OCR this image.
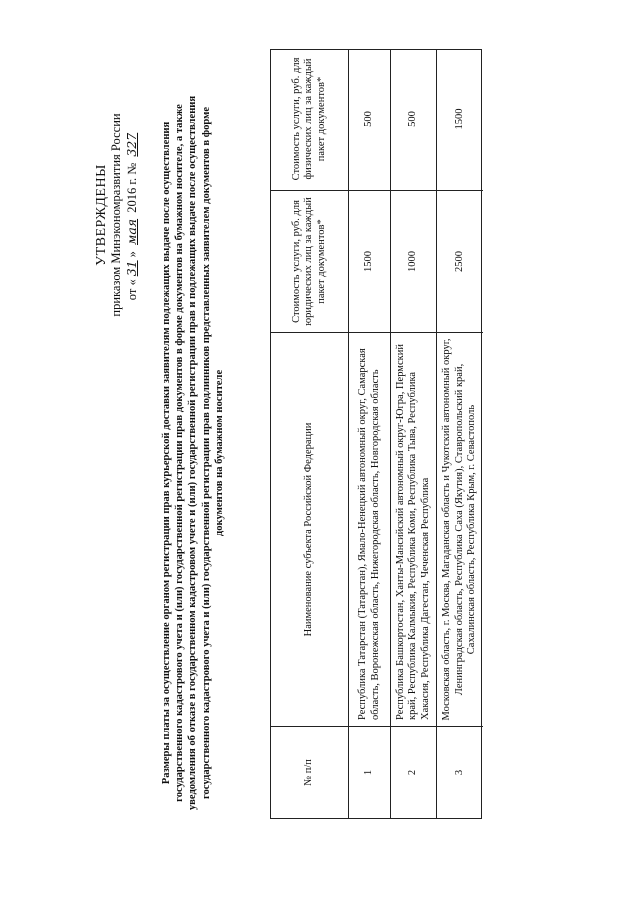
УТВЕРЖДЕНЫ приказом Минэкономразвития России от «31» мая 2016 г. № 327 Размеры платы за осуществление органом регистрации прав курьерской доставки заявителям подлежащих выдаче после осуществления государственного кадастрового учета и (или) государственной регистрации прав документов в форме документов на бумажном носителе, а также уведомления об отказе в государственном кадастровом учете и (или) государственной регистрации прав и подлежащих выдаче после осуществления государственного кадастрового учета и (или) государственной регистрации прав подлинников представленных заявителем документов в форме документов на бумажном носителе
№ п/п
Наименование субъекта Российской Федерации
Стоимость услуги, руб. для юридических лиц за каждый пакет документов*
Стоимость услуги, руб. для физических лиц за каждый пакет документов*
1
Республика Татарстан (Татарстан), Ямало-Ненецкий автономный округ, Самарская область, Воронежская область, Нижегородская область, Новгородская область
1500
500
2
Республика Башкортостан, Ханты-Мансийский автономный округ-Югра, Пермский край, Республика Калмыкия, Республика Коми, Республика Тыва, Республика Хакасия, Республика Дагестан, Чеченская Республика
1000
500
3
Московская область, г. Москва, Магаданская область и Чукотский автономный округ, Ленинградская область, Республика Саха (Якутия), Ставропольский край, Сахалинская область, Республика Крым, г. Севастополь
2500
1500
